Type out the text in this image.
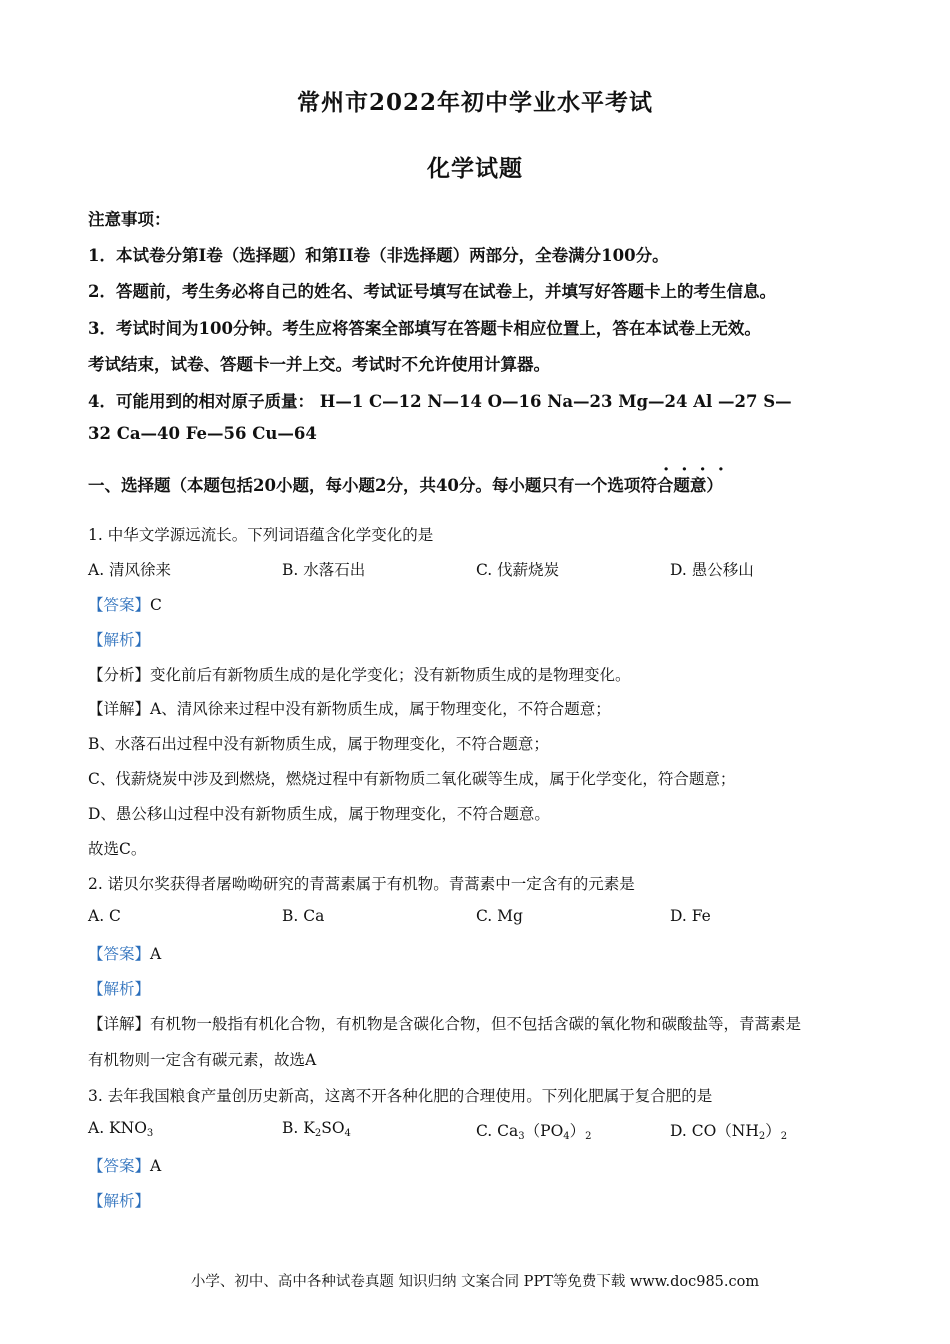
常州市2022年初中学业水平考试
化学试题
注意事项：
1．本试卷分第I卷（选择题）和第II卷（非选择题）两部分，全卷满分100分。
2．答题前，考生务必将自己的姓名、考试证号填写在试卷上，并填写好答题卡上的考生信息。
3．考试时间为100分钟。考生应将答案全部填写在答题卡相应位置上，答在本试卷上无效。
考试结束，试卷、答题卡一并上交。考试时不允许使用计算器。
4．可能用到的相对原子质量： H—1 C—12 N—14 O—16 Na—23 Mg—24 Al —27 S—
32 Ca—40 Fe—56 Cu—64
····
一、选择题（本题包括20小题，每小题2分，共40分。每小题只有一个选项符合题意）
1. 中华文学源远流长。下列词语蕴含化学变化的是
A. 清风徐来	B. 水落石出	C. 伐薪烧炭	D. 愚公移山
【答案】C
【解析】
【分析】变化前后有新物质生成的是化学变化；没有新物质生成的是物理变化。
【详解】A、清风徐来过程中没有新物质生成，属于物理变化，不符合题意；
B、水落石出过程中没有新物质生成，属于物理变化，不符合题意；
C、伐薪烧炭中涉及到燃烧，燃烧过程中有新物质二氧化碳等生成，属于化学变化，符合题意；
D、愚公移山过程中没有新物质生成，属于物理变化，不符合题意。
故选C。
2. 诺贝尔奖获得者屠呦呦研究的青蒿素属于有机物。青蒿素中一定含有的元素是
A. C	B. Ca	C. Mg	D. Fe
【答案】A
【解析】
【详解】有机物一般指有机化合物，有机物是含碳化合物，但不包括含碳的氧化物和碳酸盐等，青蒿素是
有机物则一定含有碳元素，故选A
3. 去年我国粮食产量创历史新高，这离不开各种化肥的合理使用。下列化肥属于复合肥的是
A. $KNO_3$	B. $K_2SO_4$	C. $Ca_3(PO_4)_2$	D. $CO(NH_2)_2$
【答案】A
【解析】
小学、初中、高中各种试卷真题 知识归纳 文案合同 PPT等免费下载 www.doc985.com
